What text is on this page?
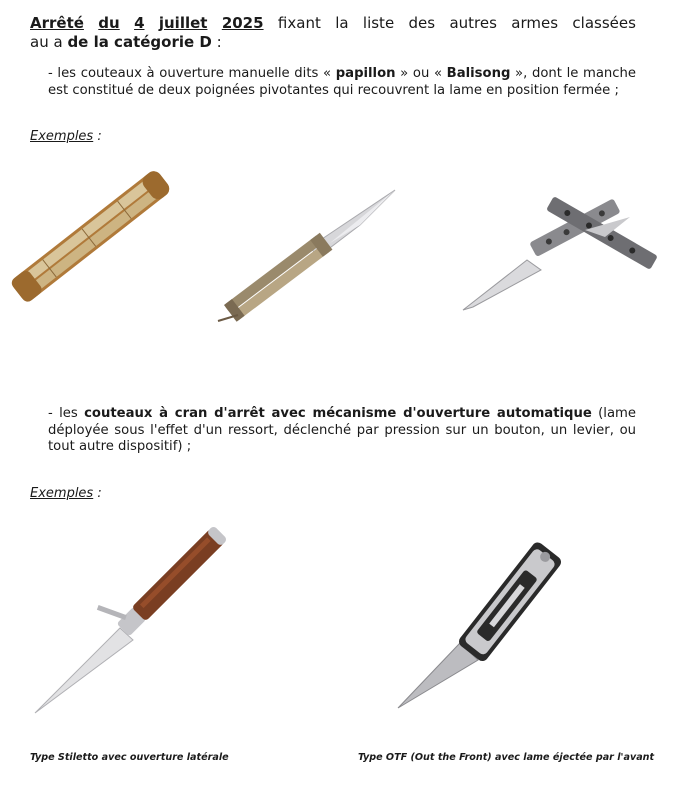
Arrêté du 4 juillet 2025 fixant la liste des autres armes classées
au a de la catégorie D :
- les couteaux à ouverture manuelle dits « papillon » ou « Balisong », dont le manche est constitué de deux poignées pivotantes qui recouvrent la lame en position fermée ;
Exemples :
- les couteaux à cran d'arrêt avec mécanisme d'ouverture automatique (lame déployée sous l'effet d'un ressort, déclenché par pression sur un bouton, un levier, ou tout autre dispositif) ;
Exemples :
Type Stiletto avec ouverture latérale	Type OTF (Out the Front) avec lame éjectée par l'avant
